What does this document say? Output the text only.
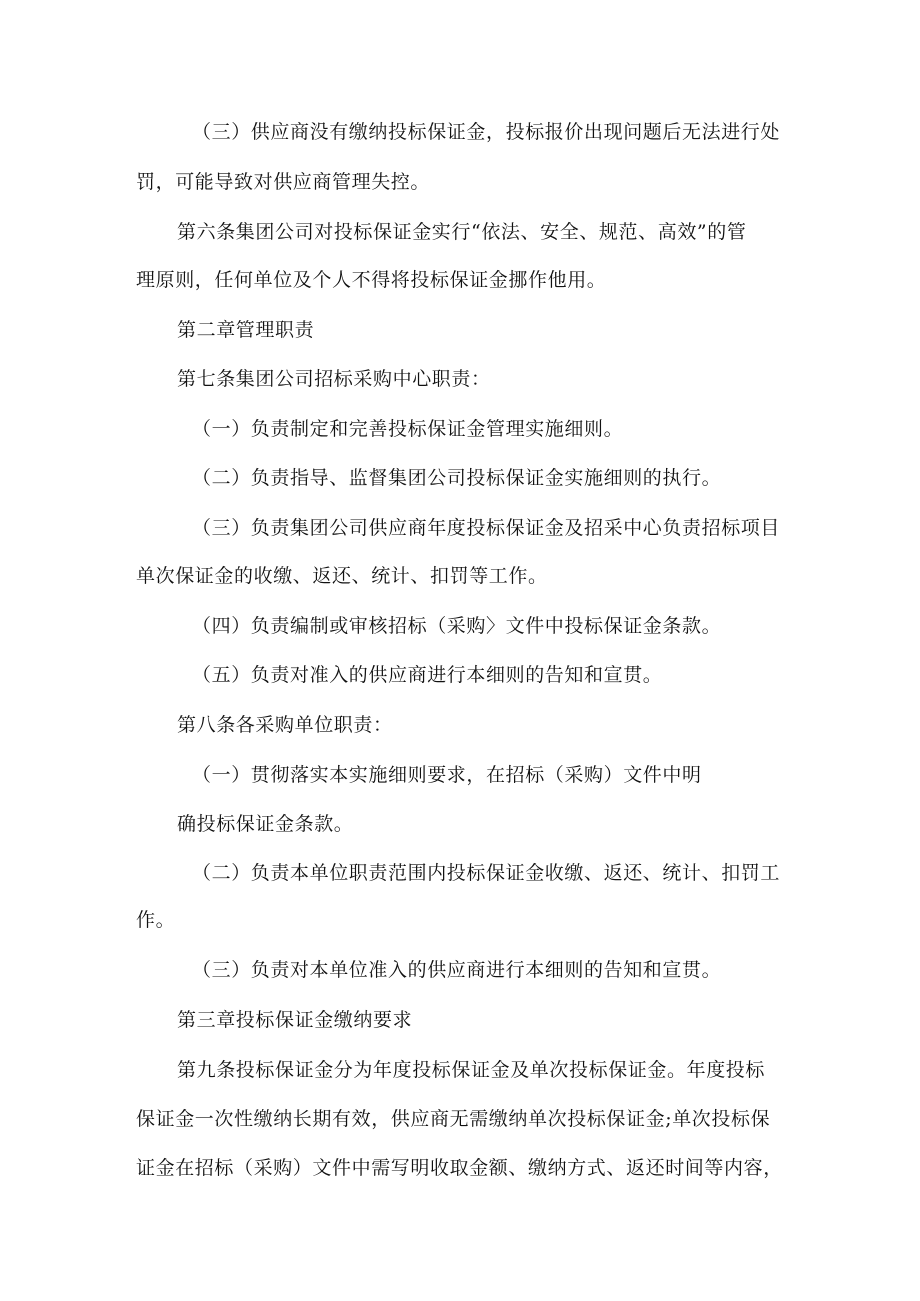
（三）供应商没有缴纳投标保证金，投标报价出现问题后无法进行处
罚，可能导致对供应商管理失控。
第六条集团公司对投标保证金实行“依法、安全、规范、高效”的管
理原则，任何单位及个人不得将投标保证金挪作他用。
第二章管理职责
第七条集团公司招标采购中心职责：
（一）负责制定和完善投标保证金管理实施细则。
（二）负责指导、监督集团公司投标保证金实施细则的执行。
（三）负责集团公司供应商年度投标保证金及招采中心负责招标项目
单次保证金的收缴、返还、统计、扣罚等工作。
（四）负责编制或审核招标（采购〉文件中投标保证金条款。
（五）负责对准入的供应商进行本细则的告知和宣贯。
第八条各采购单位职责：
（一）贯彻落实本实施细则要求，在招标（采购）文件中明
确投标保证金条款。
（二）负责本单位职责范围内投标保证金收缴、返还、统计、扣罚工
作。
（三）负责对本单位准入的供应商进行本细则的告知和宣贯。
第三章投标保证金缴纳要求
第九条投标保证金分为年度投标保证金及单次投标保证金。年度投标
保证金一次性缴纳长期有效，供应商无需缴纳单次投标保证金;单次投标保
证金在招标（采购）文件中需写明收取金额、缴纳方式、返还时间等内容，
